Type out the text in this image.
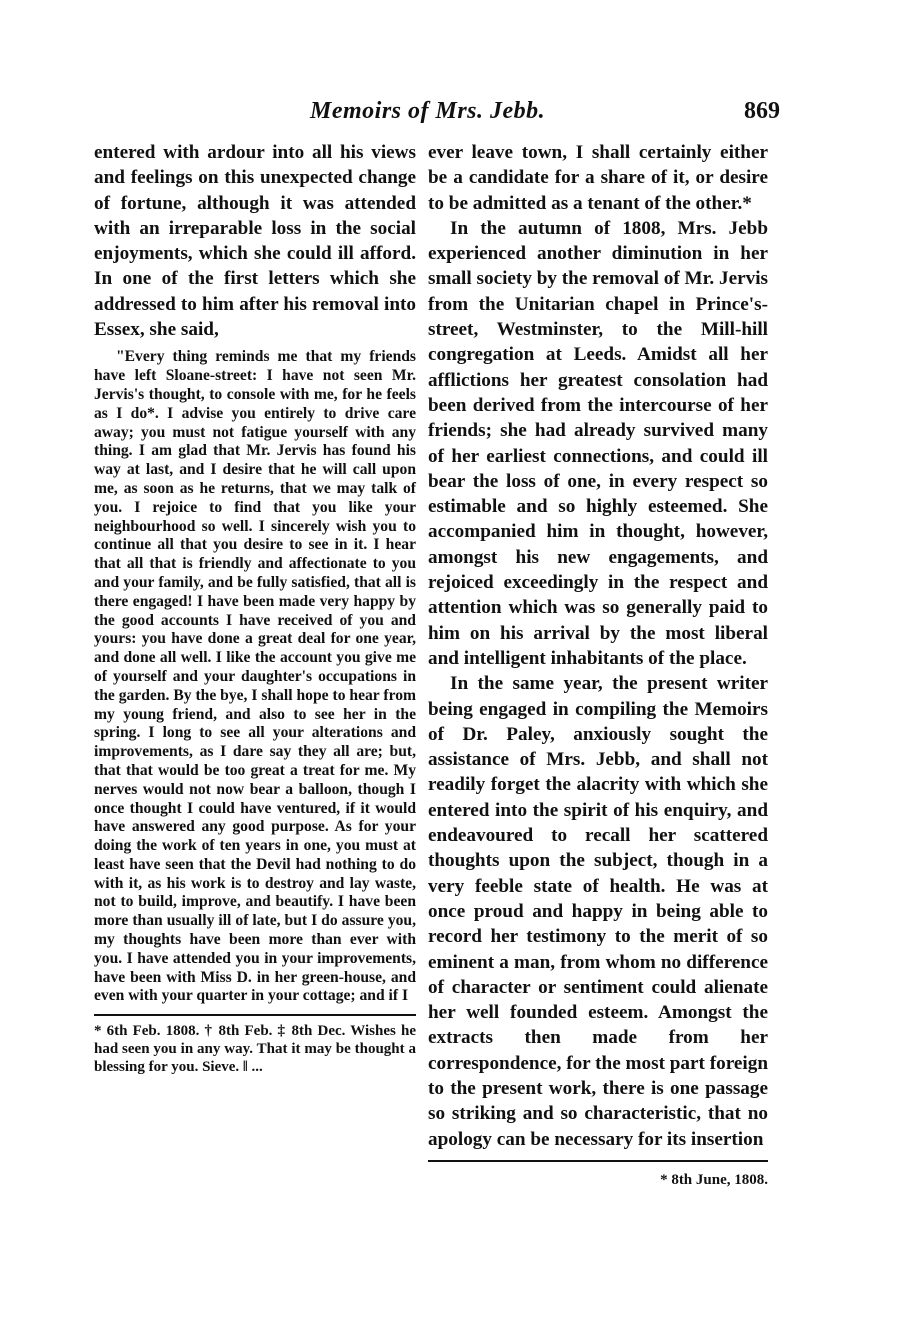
Memoirs of Mrs. Jebb.	869

entered with ardour into all his views and feelings on this unexpected change of fortune, although it was attended with an irreparable loss in the social enjoyments, which she could ill afford. In one of the first letters which she addressed to him after his removal into Essex, she said,

"Every thing reminds me that my friends have left Sloane-street: I have not seen Mr. Jervis's thought, to console with me, for he feels as I do*. I advise you entirely to drive care away; you must not fatigue yourself with any thing. I am glad that Mr. Jervis has found his way at last, and I desire that he will call upon me, as soon as he returns, that we may talk of you. I rejoice to find that you like your neighbourhood so well. I sincerely wish you to continue all that you desire to see in it. I hear that all that is friendly and affectionate to you and your family, and be fully satisfied, that all is there engaged! I have been made very happy by the good accounts I have received of you and yours: you have done a great deal for one year, and done all well. I like the account you give me of yourself and your daughter's occupations in the garden. By the bye, I shall hope to hear from my young friend, and also to see her in the spring. I long to see all your alterations and improvements, as I dare say they all are; but, that that would be too great a treat for me. My nerves would not now bear a balloon, though I once thought I could have ventured, if it would have answered any good purpose. As for your doing the work of ten years in one, you must at least have seen that the Devil had nothing to do with it, as his work is to destroy and lay waste, not to build, improve, and beautify. I have been more than usually ill of late, but I do assure you, my thoughts have been more than ever with you. I have attended you in your improvements, have been with Miss D. in her green-house, and even with your quarter in your cottage; and if I

* 6th Feb. 1808. † 8th Feb. ‡ 8th Dec. Wishes he had seen you in any way. That it may be thought a blessing for you. Sieve. ‖ ...

ever leave town, I shall certainly either be a candidate for a share of it, or desire to be admitted as a tenant of the other.*

In the autumn of 1808, Mrs. Jebb experienced another diminution in her small society by the removal of Mr. Jervis from the Unitarian chapel in Prince's-street, Westminster, to the Mill-hill congregation at Leeds. Amidst all her afflictions her greatest consolation had been derived from the intercourse of her friends; she had already survived many of her earliest connections, and could ill bear the loss of one, in every respect so estimable and so highly esteemed. She accompanied him in thought, however, amongst his new engagements, and rejoiced exceedingly in the respect and attention which was so generally paid to him on his arrival by the most liberal and intelligent inhabitants of the place.

In the same year, the present writer being engaged in compiling the Memoirs of Dr. Paley, anxiously sought the assistance of Mrs. Jebb, and shall not readily forget the alacrity with which she entered into the spirit of his enquiry, and endeavoured to recall her scattered thoughts upon the subject, though in a very feeble state of health. He was at once proud and happy in being able to record her testimony to the merit of so eminent a man, from whom no difference of character or sentiment could alienate her well founded esteem. Amongst the extracts then made from her correspondence, for the most part foreign to the present work, there is one passage so striking and so characteristic, that no apology can be necessary for its insertion

* 8th June, 1808.
